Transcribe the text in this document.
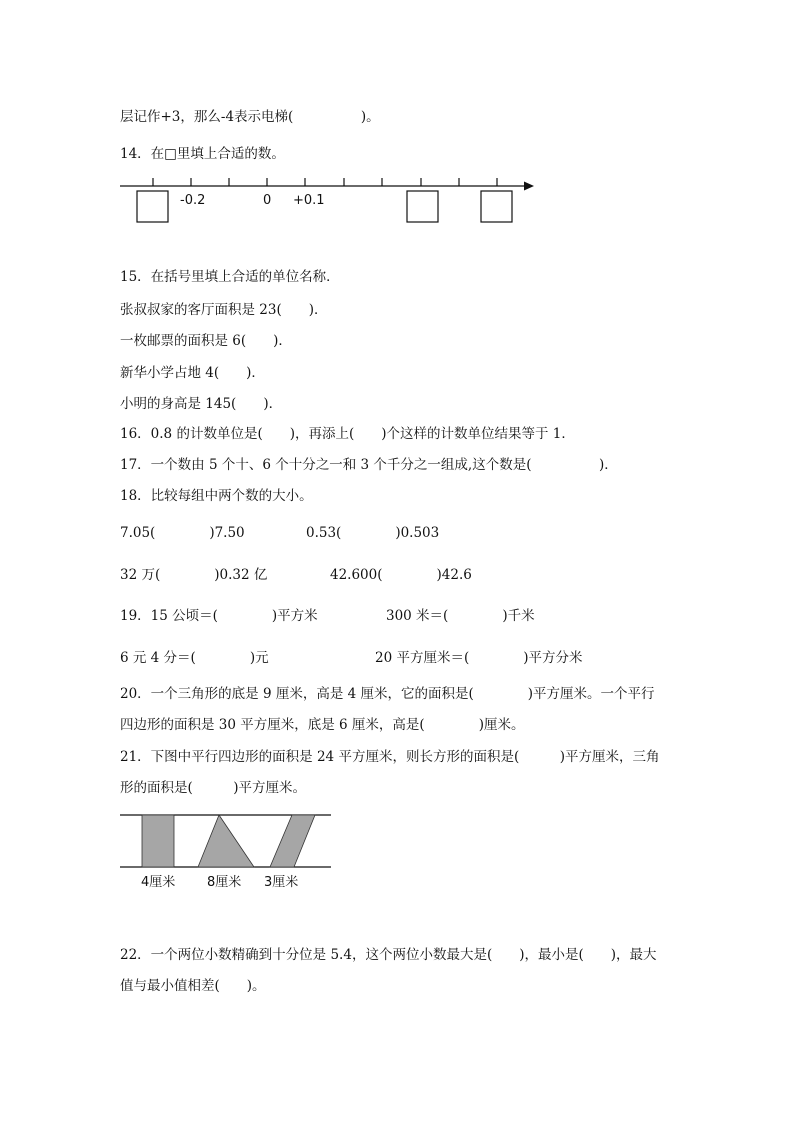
层记作+3，那么-4表示电梯(　　　　　)。
14．在□里填上合适的数。
-0.2	0 +0.1
15．在括号里填上合适的单位名称．
张叔叔家的客厅面积是 23(　　)．
一枚邮票的面积是 6(　　)．
新华小学占地 4(　　)．
小明的身高是 145(　　)．
16．0.8 的计数单位是(　　)，再添上(　　)个这样的计数单位结果等于 1．
17．一个数由 5 个十、6 个十分之一和 3 个千分之一组成,这个数是(　　　　　)．
18．比较每组中两个数的大小。
7.05(　　　　)7.50	0.53(　　　　)0.503
32 万(　　　　)0.32 亿	42.600(　　　　)42.6
19．15 公顷＝(　　　　)平方米	300 米＝(　　　　)千米
6 元 4 分＝(　　　　)元	20 平方厘米＝(　　　　)平方分米
20．一个三角形的底是 9 厘米，高是 4 厘米，它的面积是(　　　　)平方厘米。一个平行
四边形的面积是 30 平方厘米，底是 6 厘米，高是(　　　　)厘米。
21．下图中平行四边形的面积是 24 平方厘米，则长方形的面积是(　　　)平方厘米，三角
形的面积是(　　　)平方厘米。
4厘米 8厘米 3厘米
22．一个两位小数精确到十分位是 5.4，这个两位小数最大是(　　)，最小是(　　)，最大
值与最小值相差(　　)。
